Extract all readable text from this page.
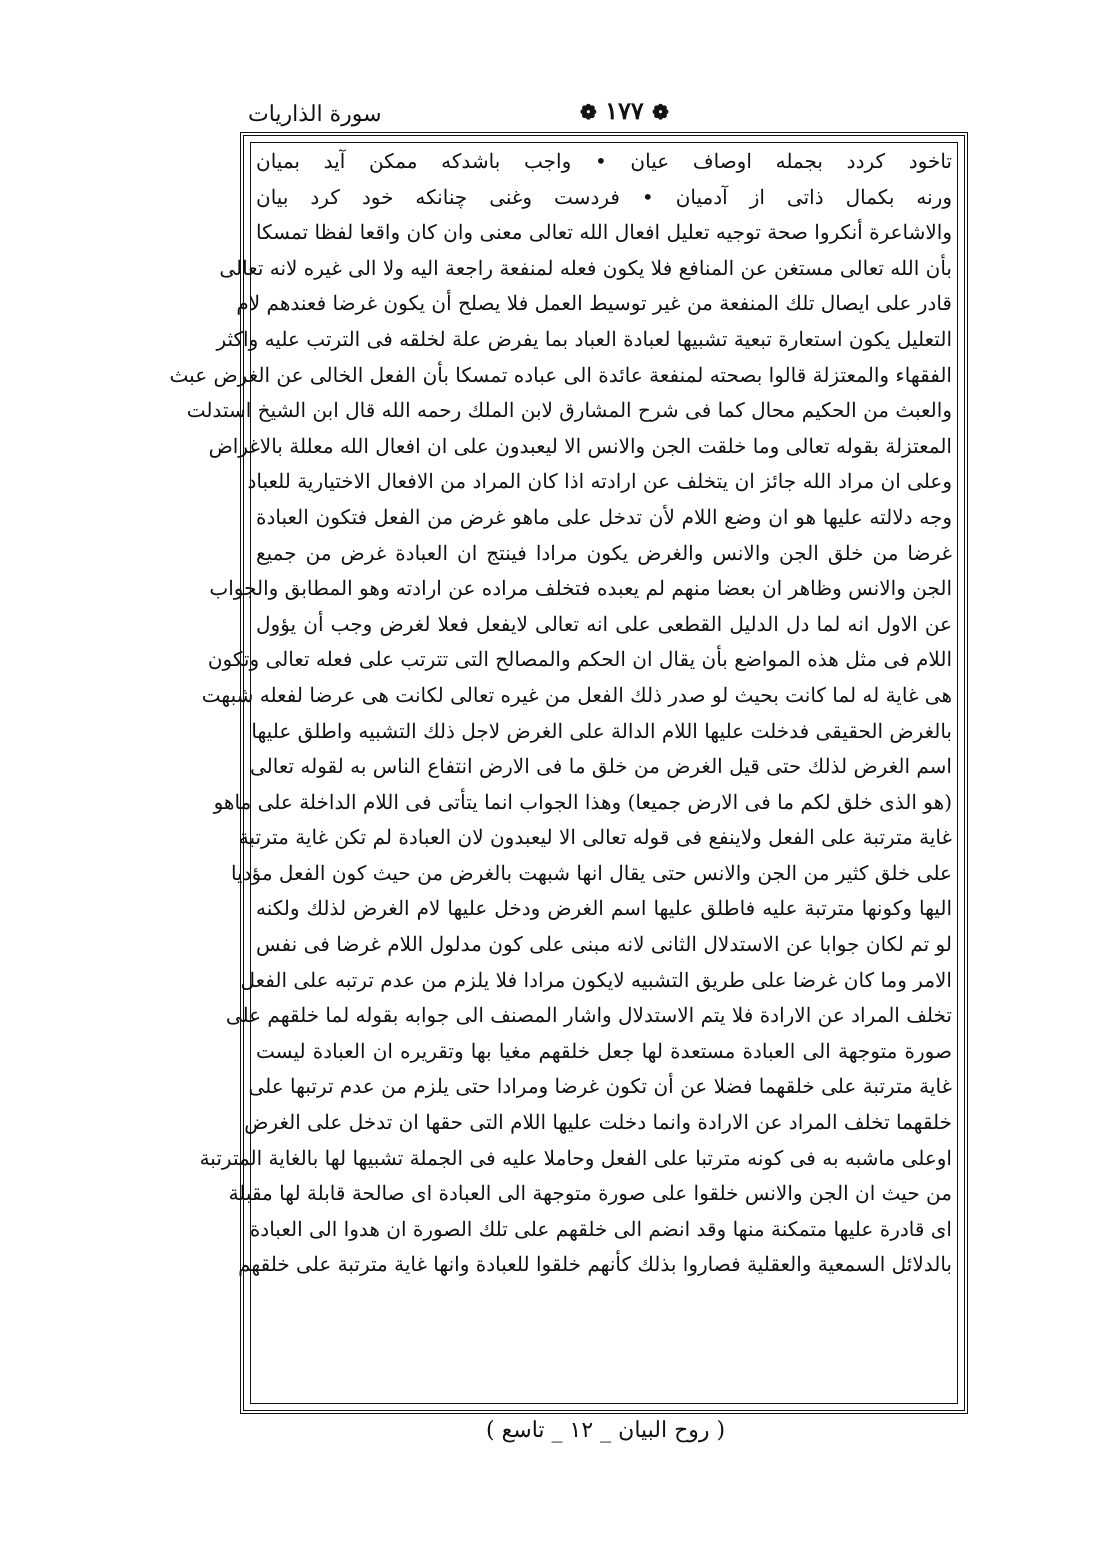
سورة الذاريات	❁ ١٧٧ ❁
تاخود كردد بجمله اوصاف عيان • واجب باشدكه ممكن آيد بميان
ورنه بكمال ذاتى از آدميان • فردست وغنى چنانكه خود كرد بيان
والاشاعرة أنكروا صحة توجيه تعليل افعال الله تعالى معنى وان كان واقعا لفظا تمسكا
بأن الله تعالى مستغن عن المنافع فلا يكون فعله لمنفعة راجعة اليه ولا الى غيره لانه تعالى
قادر على ايصال تلك المنفعة من غير توسيط العمل فلا يصلح أن يكون غرضا فعندهم لام
التعليل يكون استعارة تبعية تشبيها لعبادة العباد بما يفرض علة لخلقه فى الترتب عليه واكثر
الفقهاء والمعتزلة قالوا بصحته لمنفعة عائدة الى عباده تمسكا بأن الفعل الخالى عن الغرض عبث
والعبث من الحكيم محال كما فى شرح المشارق لابن الملك رحمه الله قال ابن الشيخ استدلت
المعتزلة بقوله تعالى وما خلقت الجن والانس الا ليعبدون على ان افعال الله معللة بالاغراض
وعلى ان مراد الله جائز ان يتخلف عن ارادته اذا كان المراد من الافعال الاختيارية للعباد
وجه دلالته عليها هو ان وضع اللام لأن تدخل على ماهو غرض من الفعل فتكون العبادة
غرضا من خلق الجن والانس والغرض يكون مرادا فينتج ان العبادة غرض من جميع
الجن والانس وظاهر ان بعضا منهم لم يعبده فتخلف مراده عن ارادته وهو المطابق والجواب
عن الاول انه لما دل الدليل القطعى على انه تعالى لايفعل فعلا لغرض وجب أن يؤول
اللام فى مثل هذه المواضع بأن يقال ان الحكم والمصالح التى تترتب على فعله تعالى وتكون
هى غاية له لما كانت بحيث لو صدر ذلك الفعل من غيره تعالى لكانت هى عرضا لفعله شبهت
بالغرض الحقيقى فدخلت عليها اللام الدالة على الغرض لاجل ذلك التشبيه واطلق عليها
اسم الغرض لذلك حتى قيل الغرض من خلق ما فى الارض انتفاع الناس به لقوله تعالى
(هو الذى خلق لكم ما فى الارض جميعا) وهذا الجواب انما يتأتى فى اللام الداخلة على ماهو
غاية مترتبة على الفعل ولاينفع فى قوله تعالى الا ليعبدون لان العبادة لم تكن غاية مترتبة
على خلق كثير من الجن والانس حتى يقال انها شبهت بالغرض من حيث كون الفعل مؤديا
اليها وكونها مترتبة عليه فاطلق عليها اسم الغرض ودخل عليها لام الغرض لذلك ولكنه
لو تم لكان جوابا عن الاستدلال الثانى لانه مبنى على كون مدلول اللام غرضا فى نفس
الامر وما كان غرضا على طريق التشبيه لايكون مرادا فلا يلزم من عدم ترتبه على الفعل
تخلف المراد عن الارادة فلا يتم الاستدلال واشار المصنف الى جوابه بقوله لما خلقهم على
صورة متوجهة الى العبادة مستعدة لها جعل خلقهم مغيا بها وتقريره ان العبادة ليست
غاية مترتبة على خلقهما فضلا عن أن تكون غرضا ومرادا حتى يلزم من عدم ترتبها على
خلقهما تخلف المراد عن الارادة وانما دخلت عليها اللام التى حقها ان تدخل على الغرض
اوعلى ماشبه به فى كونه مترتبا على الفعل وحاملا عليه فى الجملة تشبيها لها بالغاية المترتبة
من حيث ان الجن والانس خلقوا على صورة متوجهة الى العبادة اى صالحة قابلة لها مقبلة
اى قادرة عليها متمكنة منها وقد انضم الى خلقهم على تلك الصورة ان هدوا الى العبادة
بالدلائل السمعية والعقلية فصاروا بذلك كأنهم خلقوا للعبادة وانها غاية مترتبة على خلقهم
( روح البيان _ ١٢ _ تاسع )
